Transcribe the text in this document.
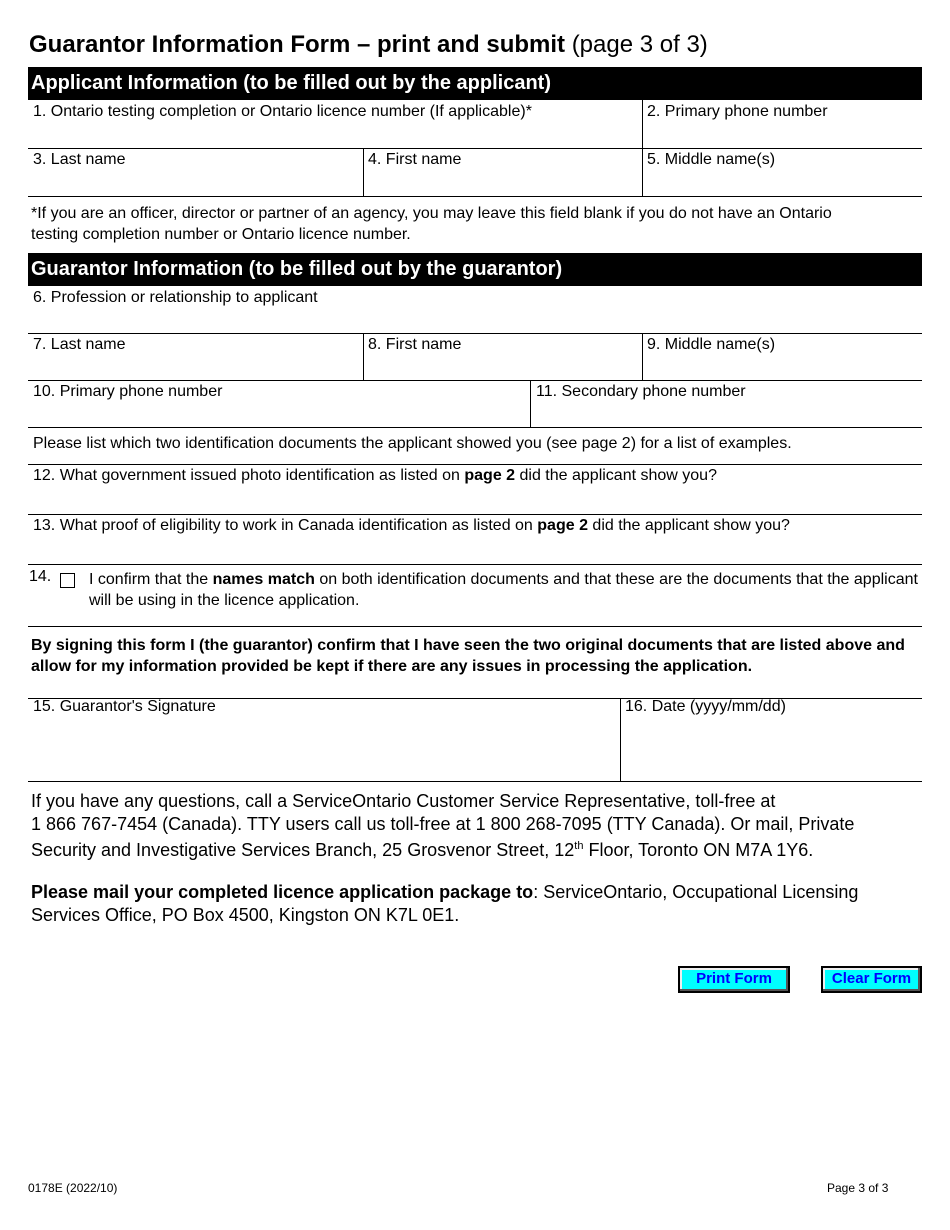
Guarantor Information Form – print and submit (page 3 of 3)
Applicant Information (to be filled out by the applicant)
1. Ontario testing completion or Ontario licence number (If applicable)*	2. Primary phone number
3. Last name	4. First name	5. Middle name(s)
*If you are an officer, director or partner of an agency, you may leave this field blank if you do not have an Ontario
testing completion number or Ontario licence number.
Guarantor Information (to be filled out by the guarantor)
6. Profession or relationship to applicant
7. Last name	8. First name	9. Middle name(s)
10. Primary phone number	11. Secondary phone number
Please list which two identification documents the applicant showed you (see page 2) for a list of examples.
12. What government issued photo identification as listed on page 2 did the applicant show you?
13. What proof of eligibility to work in Canada identification as listed on page 2 did the applicant show you?
14. I confirm that the names match on both identification documents and that these are the documents that the applicant will be using in the licence application.
By signing this form I (the guarantor) confirm that I have seen the two original documents that are listed above and allow for my information provided be kept if there are any issues in processing the application.
15. Guarantor's Signature	16. Date (yyyy/mm/dd)
If you have any questions, call a ServiceOntario Customer Service Representative, toll-free at
1 866 767-7454 (Canada). TTY users call us toll-free at 1 800 268-7095 (TTY Canada). Or mail, Private
Security and Investigative Services Branch, 25 Grosvenor Street, 12th Floor, Toronto ON M7A 1Y6.
Please mail your completed licence application package to: ServiceOntario, Occupational Licensing
Services Office, PO Box 4500, Kingston ON K7L 0E1.
Print Form	Clear Form
0178E (2022/10)	Page 3 of 3
